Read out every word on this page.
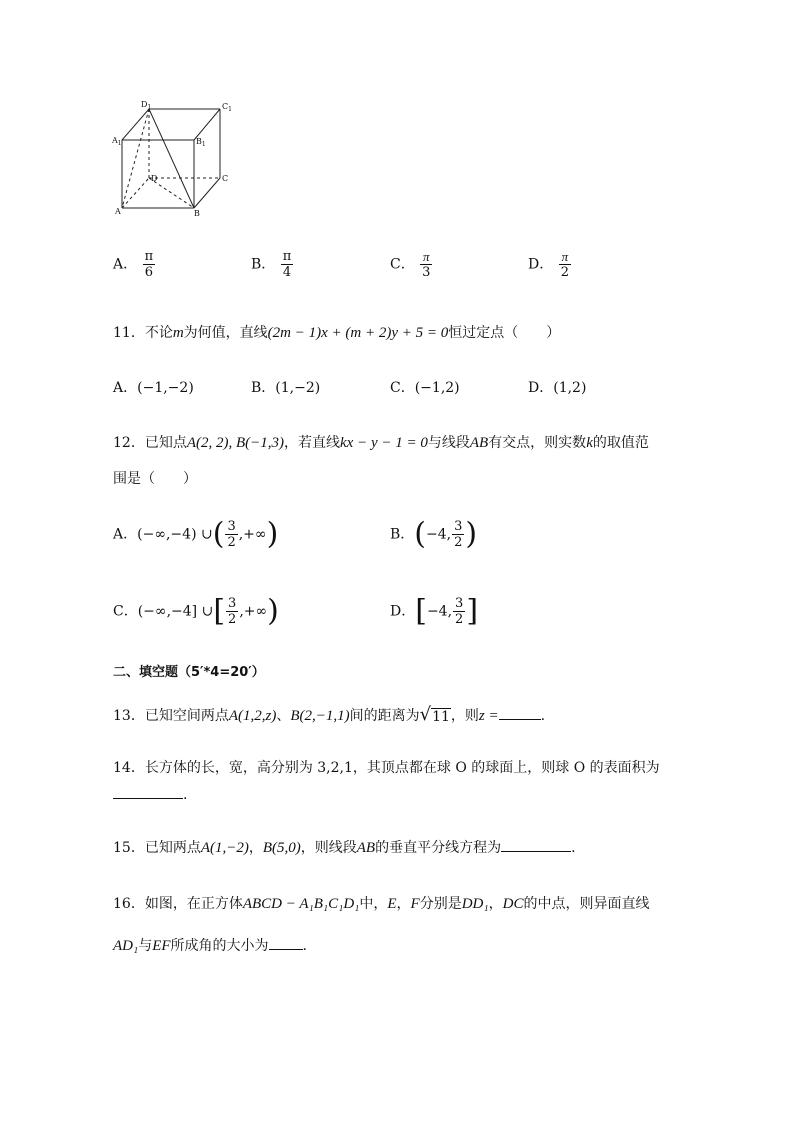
$D_1$	$C_1$
$A_1$	$B_1$
D	C
A	B
A． $\frac{\pi}{6}$	B． $\frac{\pi}{4}$	C． $\frac{\pi}{3}$	D． $\frac{\pi}{2}$
11．不论m为何值，直线(2m − 1)x + (m + 2)y + 5 = 0恒过定点（　　）
A．(−1,−2)	B．(1,−2)	C．(−1,2)	D．(1,2)
12．已知点A(2, 2), B(−1,3)，若直线kx − y − 1 = 0与线段AB有交点，则实数k的取值范
围是（　　）
A．(−∞,−4) ∪( $\frac{3}{2}$ ,+∞)	B．(−4, $\frac{3}{2}$ )
C．(−∞,−4] ∪[ $\frac{3}{2}$ ,+∞)	D．[−4, $\frac{3}{2}$ ]
二、填空题（5′*4=20′）
13．已知空间两点A(1,2,z)、B(2,−1,1)间的距离为 √ 11 ，则z =	.
14．长方体的长，宽，高分别为 3,2,1，其顶点都在球 O 的球面上，则球 O 的表面积为
.
15．已知两点A(1,−2)，B(5,0)，则线段AB的垂直平分线方程为	.
16．如图，在正方体ABCD − A₁B₁C₁D₁中，E，F分别是DD₁，DC的中点，则异面直线
AD₁与EF所成角的大小为 .
